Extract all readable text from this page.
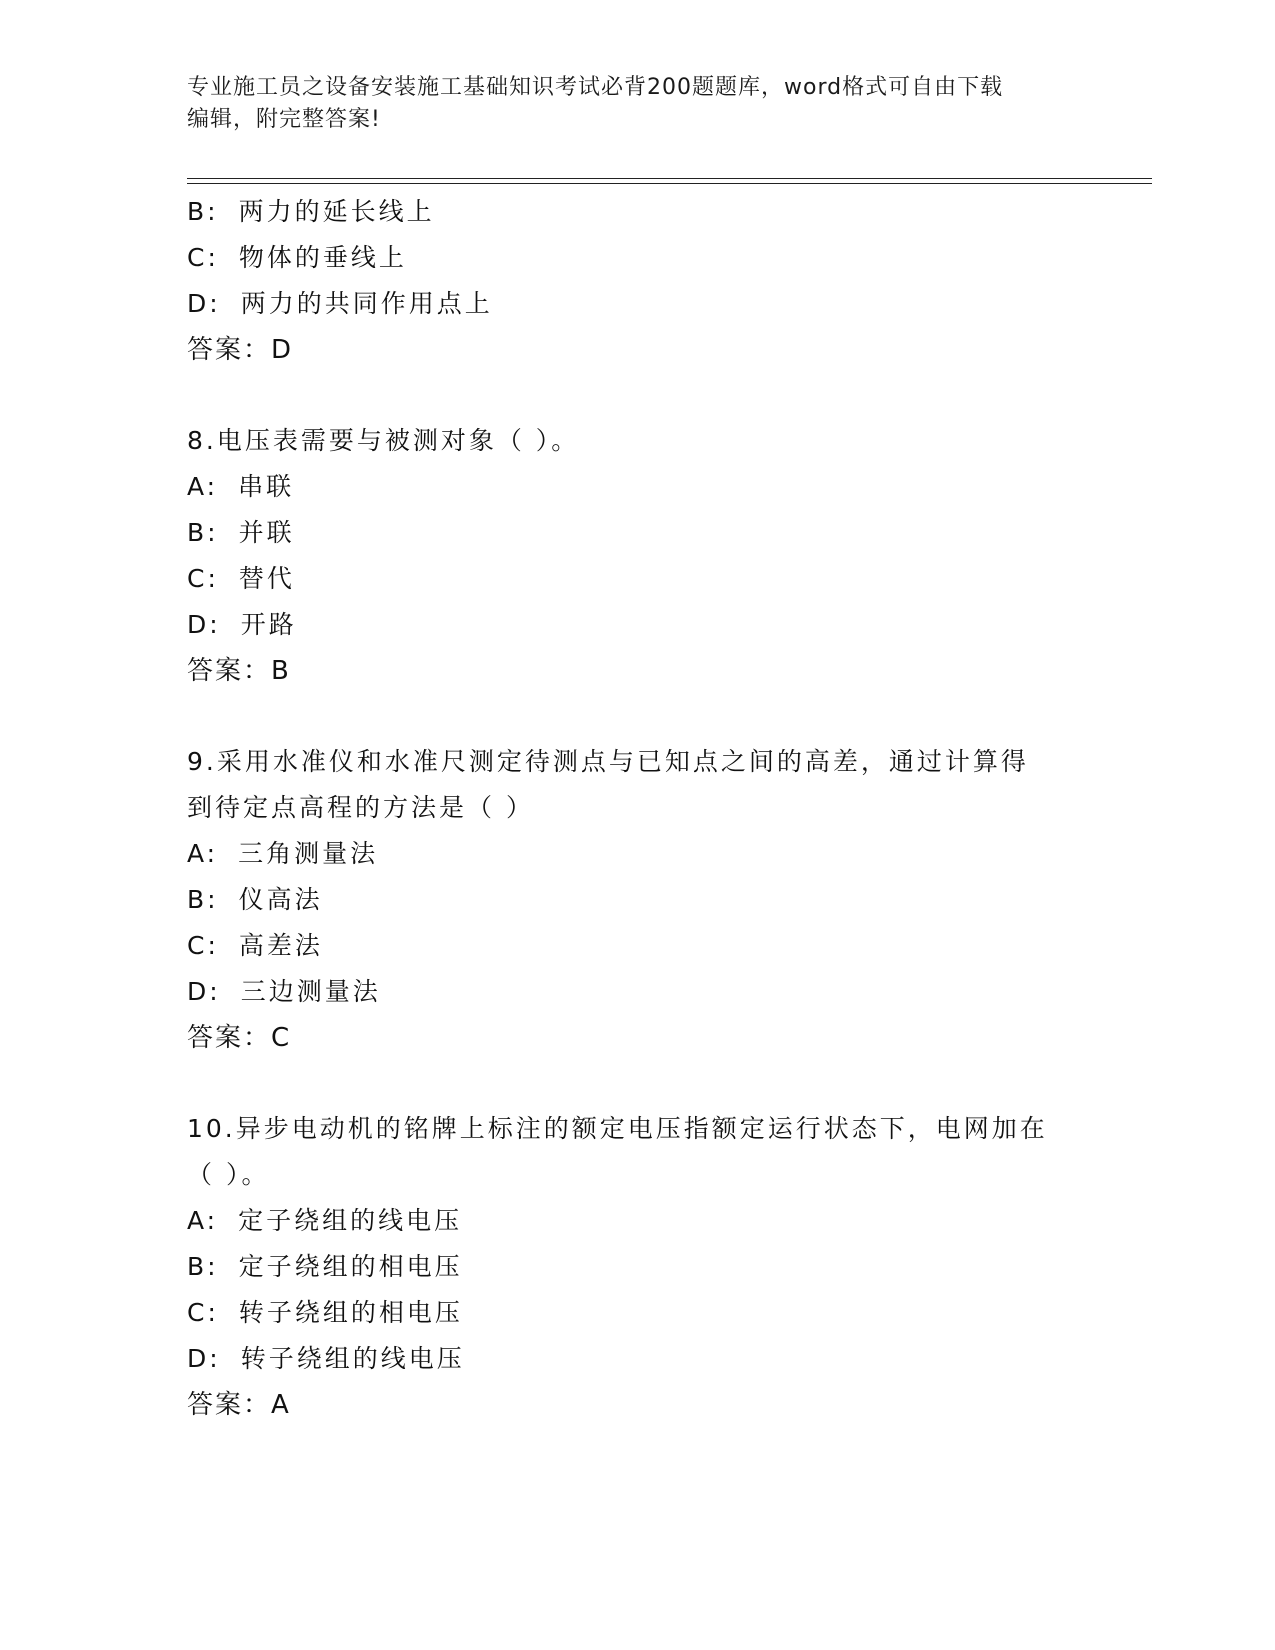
专业施工员之设备安装施工基础知识考试必背200题题库，word格式可自由下载
编辑，附完整答案!
B: 两力的延长线上
C: 物体的垂线上
D: 两力的共同作用点上
答案：D
8.电压表需要与被测对象（ ）。
A: 串联
B: 并联
C: 替代
D: 开路
答案：B
9.采用水准仪和水准尺测定待测点与已知点之间的高差，通过计算得
到待定点高程的方法是（ ）
A: 三角测量法
B: 仪高法
C: 高差法
D: 三边测量法
答案：C
10.异步电动机的铭牌上标注的额定电压指额定运行状态下，电网加在
（ ）。
A: 定子绕组的线电压
B: 定子绕组的相电压
C: 转子绕组的相电压
D: 转子绕组的线电压
答案：A
